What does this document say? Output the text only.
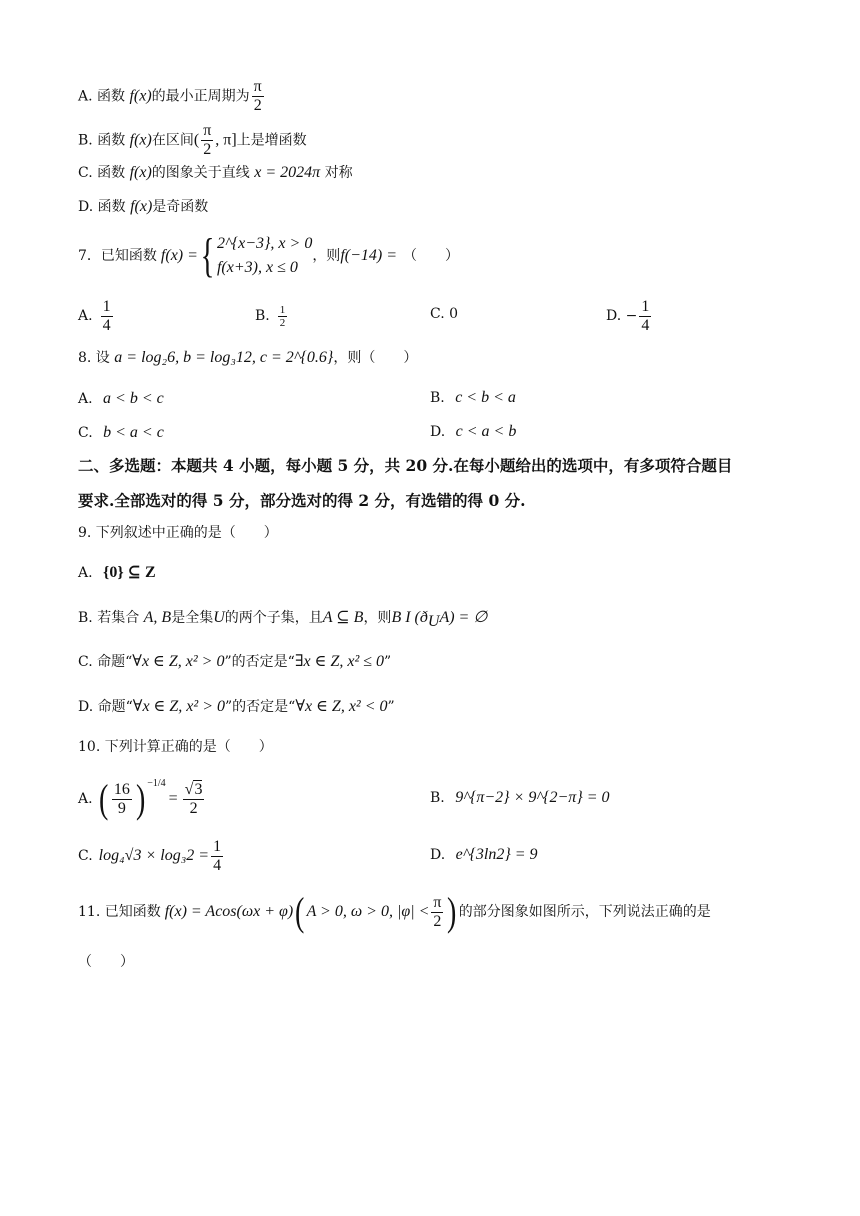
A. 函数 f(x)的最小正周期为 $\frac{\pi}{2}$
B. 函数 f(x)在区间( $\frac{\pi}{2}$ , π]上是增函数
C. 函数 f(x)的图象关于直线 x = 2024π 对称
D. 函数 f(x)是奇函数
7．已知函数 f(x) = { 2^{x−3}, x > 0
f(x+3), x ≤ 0
，则 f(−14) = （　　）
A. $\frac{1}{4}$	B. $\frac{1}{2}$	C. 0	D. − $\frac{1}{4}$
8. 设 a = log₂6, b = log₃12, c = 2^{0.6}，则（　　）
A. a < b < c	B. c < b < a
C. b < a < c	D. c < a < b
二、多选题：本题共 4 小题，每小题 5 分，共 20 分.在每小题给出的选项中，有多项符合题目
要求.全部选对的得 5 分，部分选对的得 2 分，有选错的得 0 分.
9. 下列叙述中正确的是（　　）
A. {0} ⊆ Z
B. 若集合 A, B是全集U的两个子集，且A ⊆ B，则B I $(ð_UA)$ = ∅
C. 命题“∀x ∈ Z, x² > 0”的否定是“∃x ∈ Z, x² ≤ 0”
D. 命题“∀x ∈ Z, x² > 0”的否定是“∀x ∈ Z, x² < 0”
10. 下列计算正确的是（　　）
A. ( $\frac{16}{9}$ ) −1/4
= $\frac{√3}{2}$	B. 9^{π−2} × 9^{2−π} = 0
C. $\log_4√3 \times \log_32 = \frac{1}{4}$	D. e^{3ln2} = 9
11. 已知函数 f(x) = Acos(ωx + φ) ( A > 0, ω > 0, $|\varphi| < \frac{\pi}{2}$ ) 的部分图象如图所示，下列说法正确的是
（　　）
